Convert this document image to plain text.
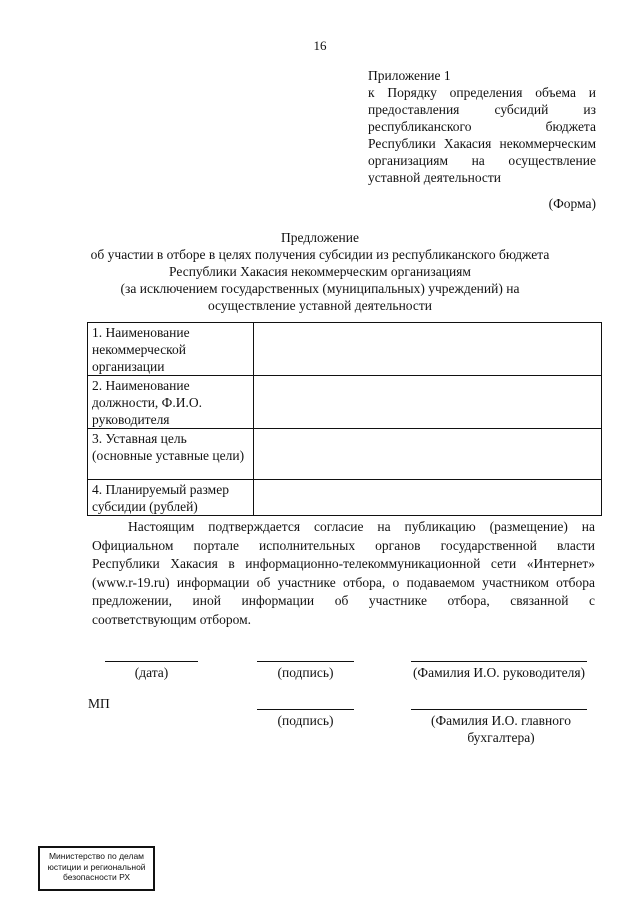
16
Приложение 1
к Порядку определения объема и
предоставления субсидий из
республиканского бюджета
Республики Хакасия некоммерческим
организациям на осуществление
уставной деятельности
(Форма)
Предложение
об участии в отборе в целях получения субсидии из республиканского бюджета
Республики Хакасия некоммерческим организациям
(за исключением государственных (муниципальных) учреждений) на
осуществление уставной деятельности
1. Наименование некоммерческой организации	
2. Наименование должности, Ф.И.О. руководителя	
3. Уставная цель (основные уставные цели)	
4. Планируемый размер субсидии (рублей)	
Настоящим подтверждается согласие на публикацию (размещение) на
Официальном портале исполнительных органов государственной власти
Республики Хакасия в информационно-телекоммуникационной сети «Интернет»
(www.r-19.ru) информации об участнике отбора, о подаваемом участником отбора
предложении, иной информации об участнике отбора, связанной с
соответствующим отбором.
(дата)	(подпись)	(Фамилия И.О. руководителя)
МП
(подпись)	(Фамилия И.О. главного
бухгалтера)
Министерство по делам
юстиции и региональной
безопасности РХ
